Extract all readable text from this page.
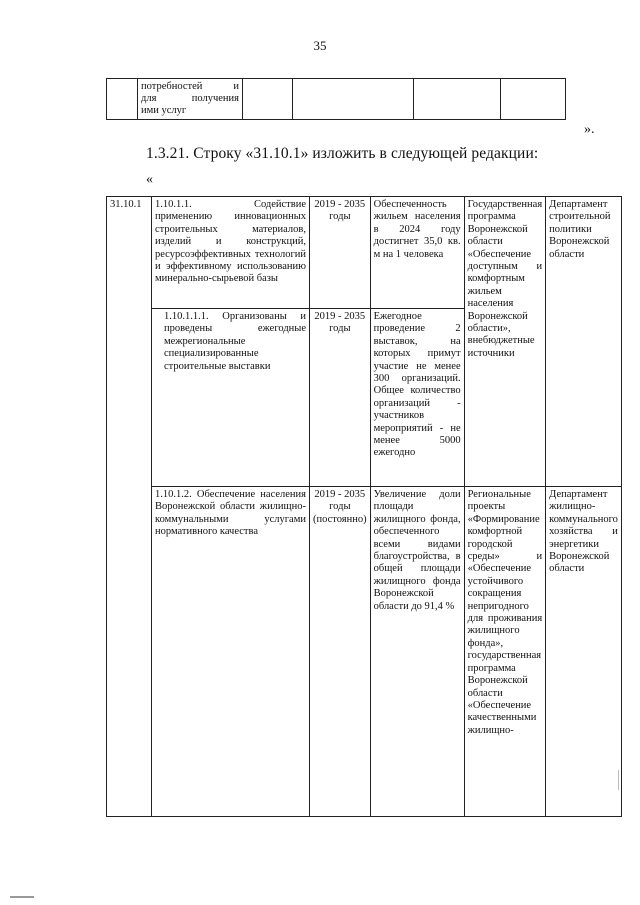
35

потребностей и
для получения
ими услуг

».
1.3.21. Строку «31.10.1» изложить в следующей редакции:
«
31.10.1	1.10.1.1. Содействие применению инновационных строительных материалов, изделий и конструкций, ресурсоэффективных технологий и эффективному использованию минерально-сырьевой базы	2019 - 2035 годы	Обеспеченность жильем населения в 2024 году достигнет 35,0 кв. м на 1 человека	Государственная программа Воронежской области «Обеспечение доступным и комфортным жильем населения Воронежской области», внебюджетные источники	Департамент строительной политики Воронежской области
	1.10.1.1.1. Организованы и проведены ежегодные межрегиональные специализированные строительные выставки	2019 - 2035 годы	Ежегодное проведение 2 выставок, на которых примут участие не менее 300 организаций. Общее количество организаций - участников мероприятий - не менее 5000 ежегодно		
	1.10.1.2. Обеспечение населения Воронежской области жилищно-коммунальными услугами нормативного качества	2019 - 2035 годы (постоянно)	Увеличение доли площади жилищного фонда, обеспеченного всеми видами благоустройства, в общей площади жилищного фонда Воронежской области до 91,4 %	Региональные проекты «Формирование комфортной городской среды» и «Обеспечение устойчивого сокращения непригодного для проживания жилищного фонда», государственная программа Воронежской области «Обеспечение качественными жилищно-	Департамент жилищно-коммунального хозяйства и энергетики Воронежской области
